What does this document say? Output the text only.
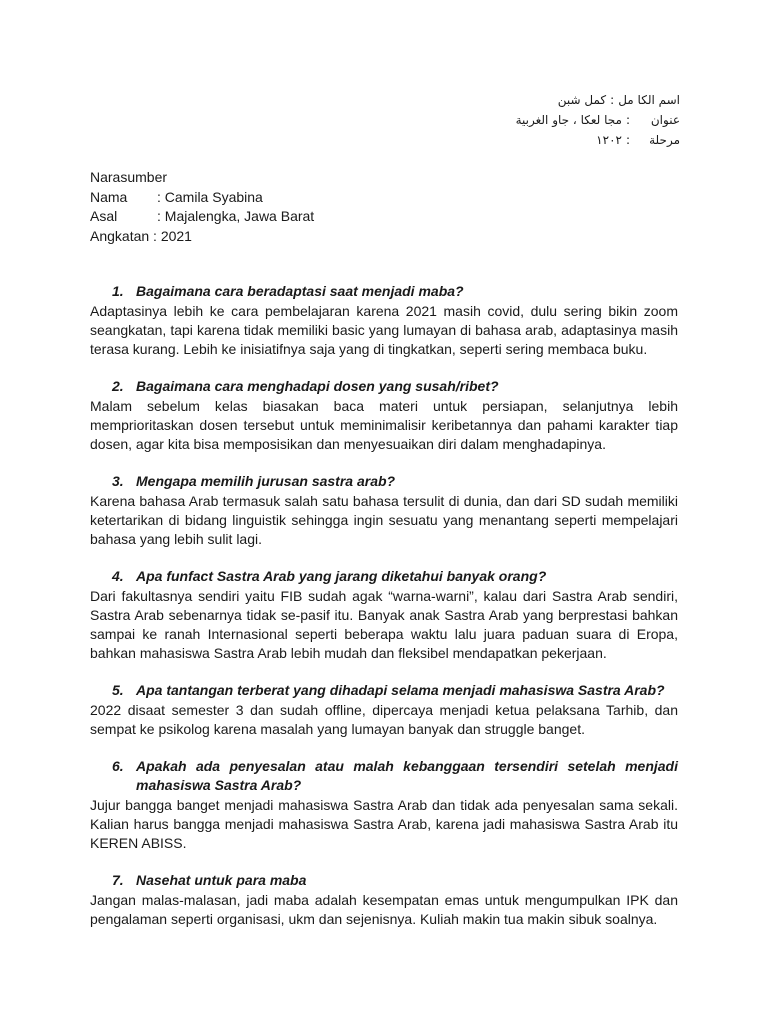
اسم الكا مل
:
كمل شبن
عنوان
:
مجا لعكا ، جاو الغربية
مرحلة
:
١٢٠٢
Narasumber
Nama	: Camila Syabina
Asal	: Majalengka, Jawa Barat
Angkatan : 2021
1. Bagaimana cara beradaptasi saat menjadi maba?
Adaptasinya lebih ke cara pembelajaran karena 2021 masih covid, dulu sering bikin zoom seangkatan, tapi karena tidak memiliki basic yang lumayan di bahasa arab, adaptasinya masih terasa kurang. Lebih ke inisiatifnya saja yang di tingkatkan, seperti sering membaca buku.
2. Bagaimana cara menghadapi dosen yang susah/ribet?
Malam sebelum kelas biasakan baca materi untuk persiapan, selanjutnya lebih memprioritaskan dosen tersebut untuk meminimalisir keribetannya dan pahami karakter tiap dosen, agar kita bisa memposisikan dan menyesuaikan diri dalam menghadapinya.
3. Mengapa memilih jurusan sastra arab?
Karena bahasa Arab termasuk salah satu bahasa tersulit di dunia, dan dari SD sudah memiliki ketertarikan di bidang linguistik sehingga ingin sesuatu yang menantang seperti mempelajari bahasa yang lebih sulit lagi.
4. Apa funfact Sastra Arab yang jarang diketahui banyak orang?
Dari fakultasnya sendiri yaitu FIB sudah agak “warna-warni”, kalau dari Sastra Arab sendiri, Sastra Arab sebenarnya tidak se-pasif itu. Banyak anak Sastra Arab yang berprestasi bahkan sampai ke ranah Internasional seperti beberapa waktu lalu juara paduan suara di Eropa, bahkan mahasiswa Sastra Arab lebih mudah dan fleksibel mendapatkan pekerjaan.
5. Apa tantangan terberat yang dihadapi selama menjadi mahasiswa Sastra Arab?
2022 disaat semester 3 dan sudah offline, dipercaya menjadi ketua pelaksana Tarhib, dan sempat ke psikolog karena masalah yang lumayan banyak dan struggle banget.
6. Apakah ada penyesalan atau malah kebanggaan tersendiri setelah menjadi mahasiswa Sastra Arab?
Jujur bangga banget menjadi mahasiswa Sastra Arab dan tidak ada penyesalan sama sekali. Kalian harus bangga menjadi mahasiswa Sastra Arab, karena jadi mahasiswa Sastra Arab itu KEREN ABISS.
7. Nasehat untuk para maba
Jangan malas-malasan, jadi maba adalah kesempatan emas untuk mengumpulkan IPK dan pengalaman seperti organisasi, ukm dan sejenisnya. Kuliah makin tua makin sibuk soalnya.
